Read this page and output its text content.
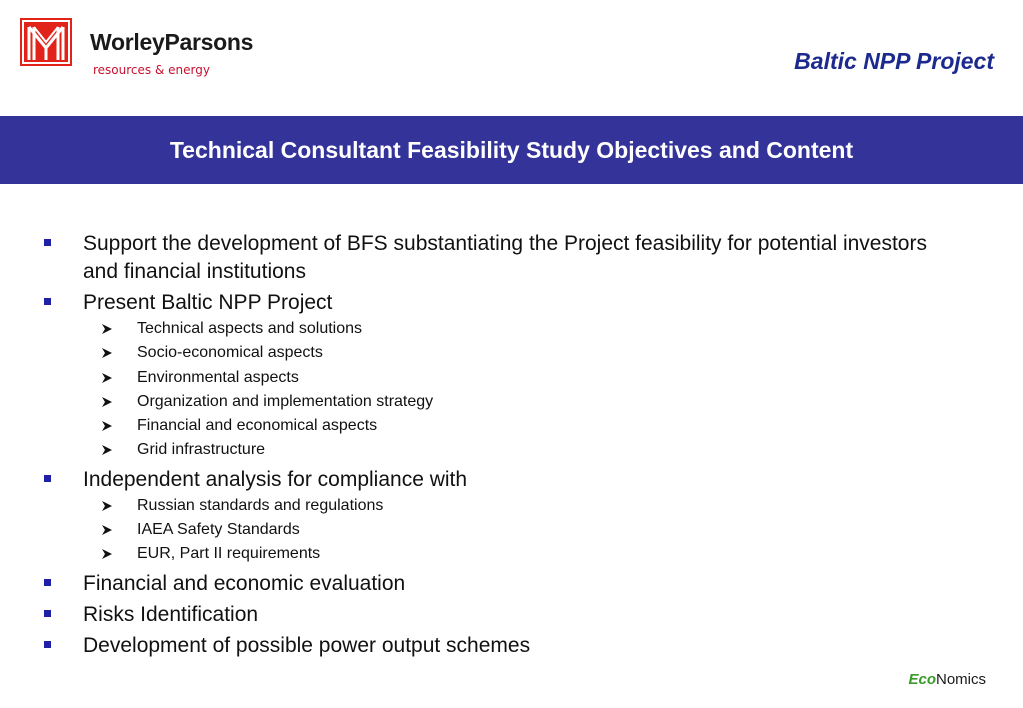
WorleyParsons
resources & energy	Baltic NPP Project
Technical Consultant Feasibility Study Objectives and Content
Support the development of BFS substantiating the Project feasibility for potential investors and financial institutions
Present Baltic NPP Project
Technical aspects and solutions
Socio-economical aspects
Environmental aspects
Organization and implementation strategy
Financial and economical aspects
Grid infrastructure
Independent analysis for compliance with
Russian standards and regulations
IAEA Safety Standards
EUR, Part II requirements
Financial and economic evaluation
Risks Identification
Development of possible power output schemes
EcoNomics
